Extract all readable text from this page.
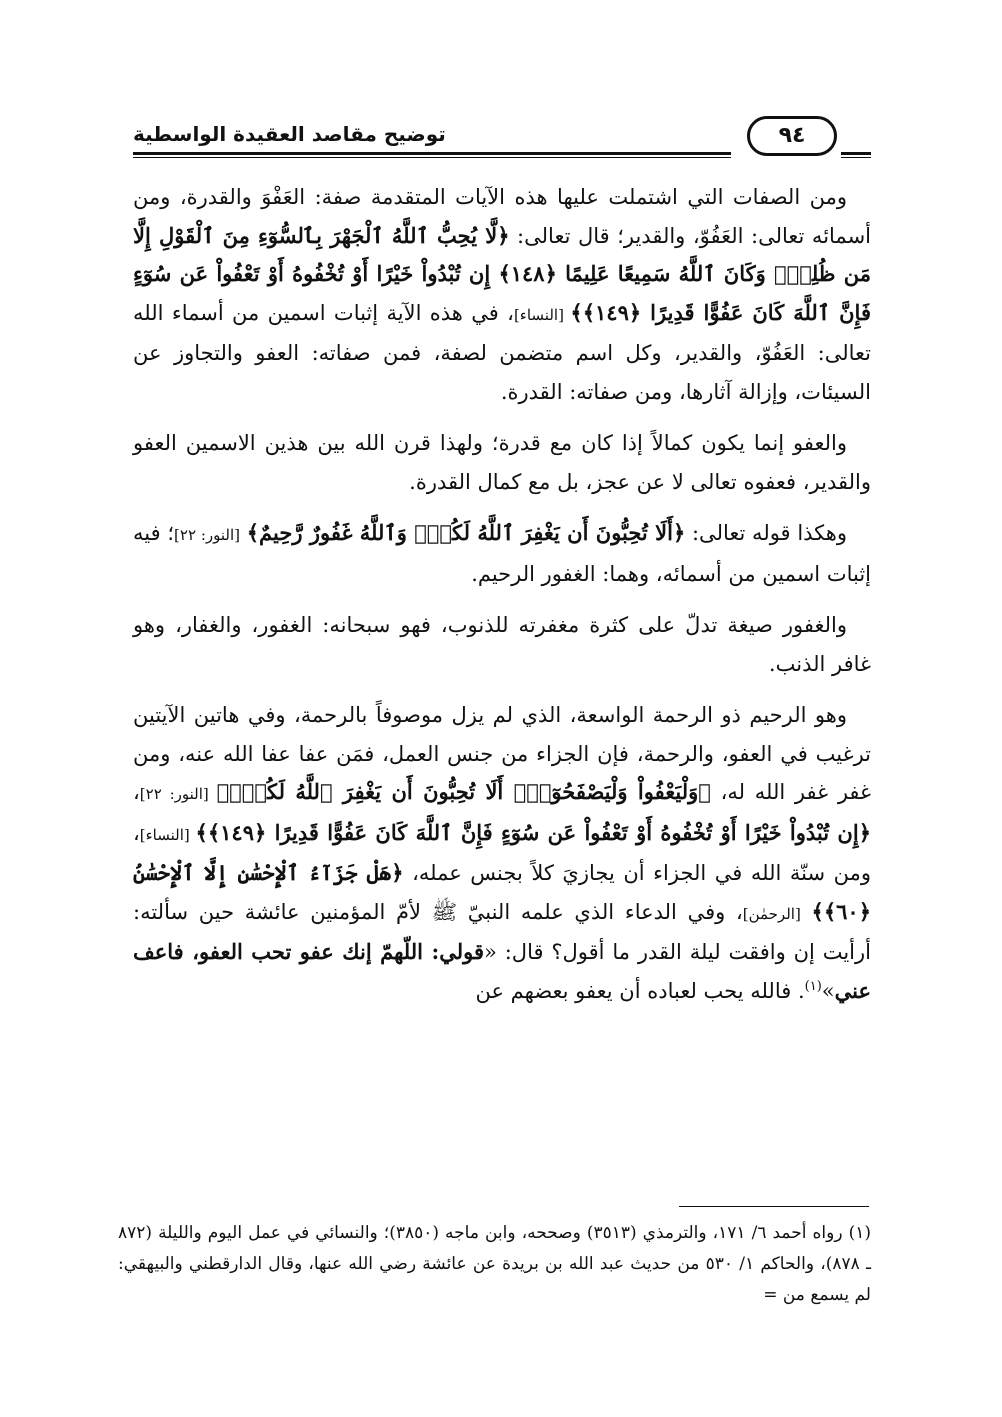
توضيح مقاصد العقيدة الواسطية	٩٤

ومن الصفات التي اشتملت عليها هذه الآيات المتقدمة صفة: العَفْوَ والقدرة، ومن أسمائه تعالى: العَفُوّ، والقدير؛ قال تعالى: ﴿لَّا يُحِبُّ ٱللَّهُ ٱلْجَهْرَ بِٱلسُّوٓءِ مِنَ ٱلْقَوْلِ إِلَّا مَن ظُلِمَۚ وَكَانَ ٱللَّهُ سَمِيعًا عَلِيمًا ﴿١٤٨﴾ إِن تُبْدُواْ خَيْرًا أَوْ تُخْفُوهُ أَوْ تَعْفُواْ عَن سُوٓءٍ فَإِنَّ ٱللَّهَ كَانَ عَفُوًّا قَدِيرًا ﴿١٤٩﴾﴾ [النساء]، في هذه الآية إثبات اسمين من أسماء الله تعالى: العَفُوّ، والقدير، وكل اسم متضمن لصفة، فمن صفاته: العفو والتجاوز عن السيئات، وإزالة آثارها، ومن صفاته: القدرة.

والعفو إنما يكون كمالاً إذا كان مع قدرة؛ ولهذا قرن الله بين هذين الاسمين العفو والقدير، فعفوه تعالى لا عن عجز، بل مع كمال القدرة.

وهكذا قوله تعالى: ﴿أَلَا تُحِبُّونَ أَن يَغْفِرَ ٱللَّهُ لَكُمْۗ وَٱللَّهُ غَفُورٌ رَّحِيمٌ﴾ [النور: ٢٢]؛ فيه إثبات اسمين من أسمائه، وهما: الغفور الرحيم.

والغفور صيغة تدلّ على كثرة مغفرته للذنوب، فهو سبحانه: الغفور، والغفار، وهو غافر الذنب.

وهو الرحيم ذو الرحمة الواسعة، الذي لم يزل موصوفاً بالرحمة، وفي هاتين الآيتين ترغيب في العفو، والرحمة، فإن الجزاء من جنس العمل، فمَن عفا عفا الله عنه، ومن غفر غفر الله له، ﴿وَلْيَعْفُواْ وَلْيَصْفَحُوٓاْۗ أَلَا تُحِبُّونَ أَن يَغْفِرَ ٱللَّهُ لَكُمْۗ﴾ [النور: ٢٢]، ﴿إِن تُبْدُواْ خَيْرًا أَوْ تُخْفُوهُ أَوْ تَعْفُواْ عَن سُوٓءٍ فَإِنَّ ٱللَّهَ كَانَ عَفُوًّا قَدِيرًا ﴿١٤٩﴾﴾ [النساء]، ومن سنّة الله في الجزاء أن يجازيَ كلاً بجنس عمله، ﴿هَلْ جَزَآءُ ٱلْإِحْسَٰنِ إِلَّا ٱلْإِحْسَٰنُ ﴿٦٠﴾﴾ [الرحمٰن]، وفي الدعاء الذي علمه النبيّ ﷺ لأمّ المؤمنين عائشة حين سألته: أرأيت إن وافقت ليلة القدر ما أقول؟ قال: «قولي: اللّهمّ إنك عفو تحب العفو، فاعف عني»$^{(١)}$. فالله يحب لعباده أن يعفو بعضهم عن

(١) رواه أحمد ٦/ ١٧١، والترمذي (٣٥١٣) وصححه، وابن ماجه (٣٨٥٠)؛ والنسائي في عمل اليوم والليلة (٨٧٢ ـ ٨٧٨)، والحاكم ١/ ٥٣٠ من حديث عبد الله بن بريدة عن عائشة رضي الله عنها، وقال الدارقطني والبيهقي: لم يسمع من =
